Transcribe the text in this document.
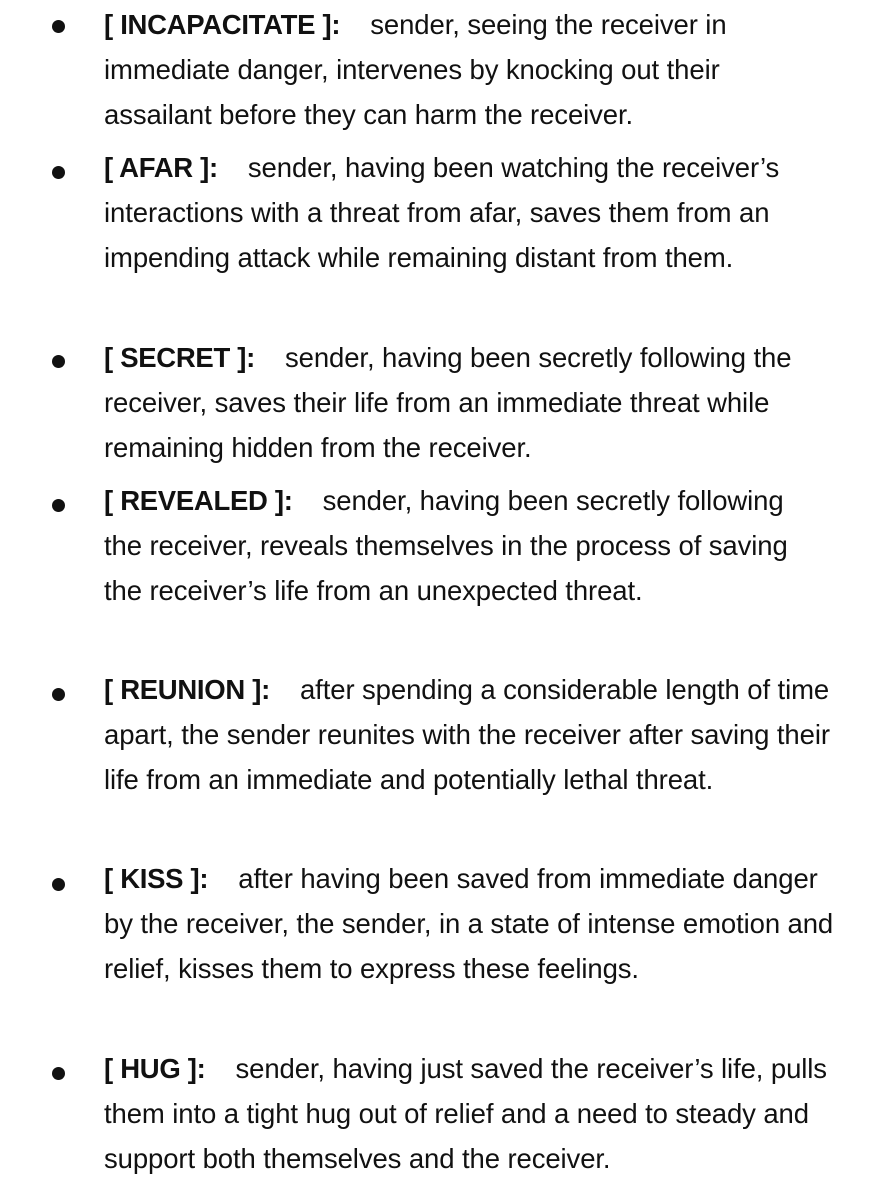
[ INCAPACITATE ]: sender, seeing the receiver in immediate danger, intervenes by knocking out their assailant before they can harm the receiver.
[ AFAR ]: sender, having been watching the receiver’s interactions with a threat from afar, saves them from an impending attack while remaining distant from them.
[ SECRET ]: sender, having been secretly following the receiver, saves their life from an immediate threat while remaining hidden from the receiver.
[ REVEALED ]: sender, having been secretly following the receiver, reveals themselves in the process of saving the receiver’s life from an unexpected threat.
[ REUNION ]: after spending a considerable length of time apart, the sender reunites with the receiver after saving their life from an immediate and potentially lethal threat.
[ KISS ]: after having been saved from immediate danger by the receiver, the sender, in a state of intense emotion and relief, kisses them to express these feelings.
[ HUG ]: sender, having just saved the receiver’s life, pulls them into a tight hug out of relief and a need to steady and support both themselves and the receiver.
